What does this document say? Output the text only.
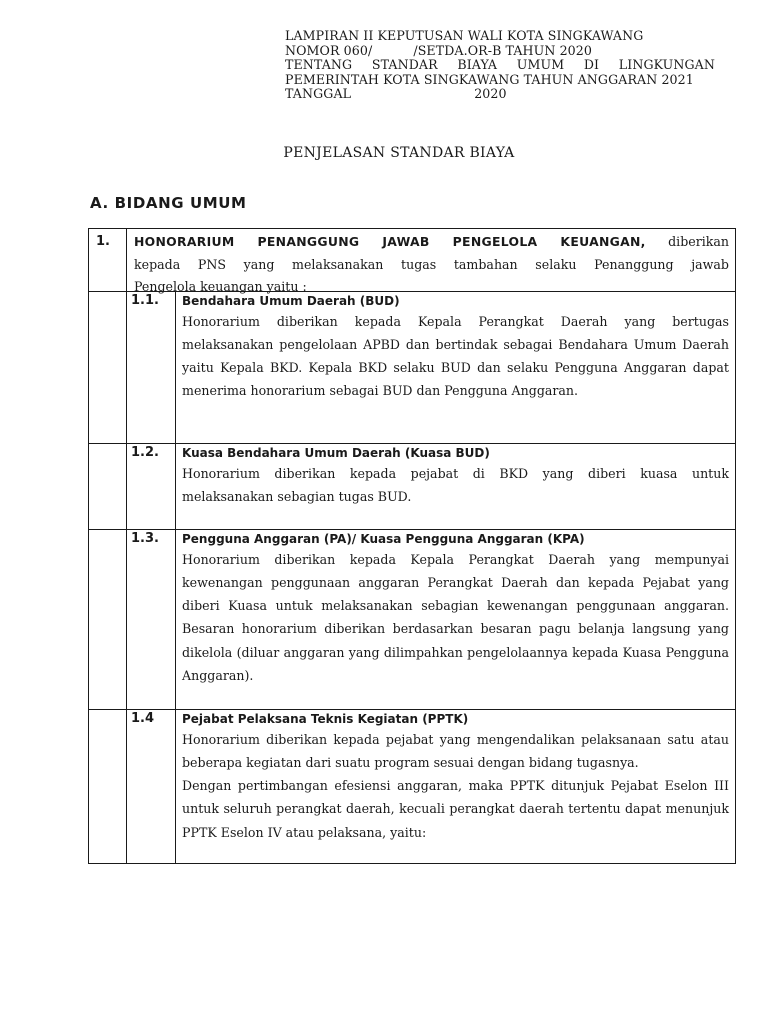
LAMPIRAN II KEPUTUSAN WALI KOTA SINGKAWANG
NOMOR 060/          /SETDA.OR-B TAHUN 2020
TENTANG STANDAR BIAYA UMUM DI LINGKUNGAN
PEMERINTAH KOTA SINGKAWANG TAHUN ANGGARAN 2021
TANGGAL                              2020
PENJELASAN STANDAR BIAYA
A. BIDANG UMUM
1.	HONORARIUM PENANGGUNG JAWAB PENGELOLA KEUANGAN, diberikan
kepada PNS yang melaksanakan tugas tambahan selaku Penanggung jawab
Pengelola keuangan yaitu :	

	1.1.	Bendahara Umum Daerah (BUD)

Honorarium diberikan kepada Kepala Perangkat Daerah yang bertugas melaksanakan pengelolaan APBD dan bertindak sebagai Bendahara Umum Daerah yaitu Kepala BKD. Kepala BKD selaku BUD dan selaku Pengguna Anggaran dapat menerima honorarium sebagai BUD dan Pengguna Anggaran.

	1.2.	Kuasa Bendahara Umum Daerah (Kuasa BUD)

Honorarium diberikan kepada pejabat di BKD yang diberi kuasa untuk melaksanakan sebagian tugas BUD.

	1.3.	Pengguna Anggaran (PA)/ Kuasa Pengguna Anggaran (KPA)

Honorarium diberikan kepada Kepala Perangkat Daerah yang mempunyai kewenangan penggunaan anggaran Perangkat Daerah dan kepada Pejabat yang diberi Kuasa untuk melaksanakan sebagian kewenangan penggunaan anggaran. Besaran honorarium diberikan berdasarkan besaran pagu belanja langsung yang dikelola (diluar anggaran yang dilimpahkan pengelolaannya kepada Kuasa Pengguna Anggaran).

	1.4	Pejabat Pelaksana Teknis Kegiatan (PPTK)

Honorarium diberikan kepada pejabat yang mengendalikan pelaksanaan satu atau beberapa kegiatan dari suatu program sesuai dengan bidang tugasnya.

Dengan pertimbangan efesiensi anggaran, maka PPTK ditunjuk Pejabat Eselon III untuk seluruh perangkat daerah, kecuali perangkat daerah tertentu dapat menunjuk PPTK Eselon IV atau pelaksana, yaitu:
